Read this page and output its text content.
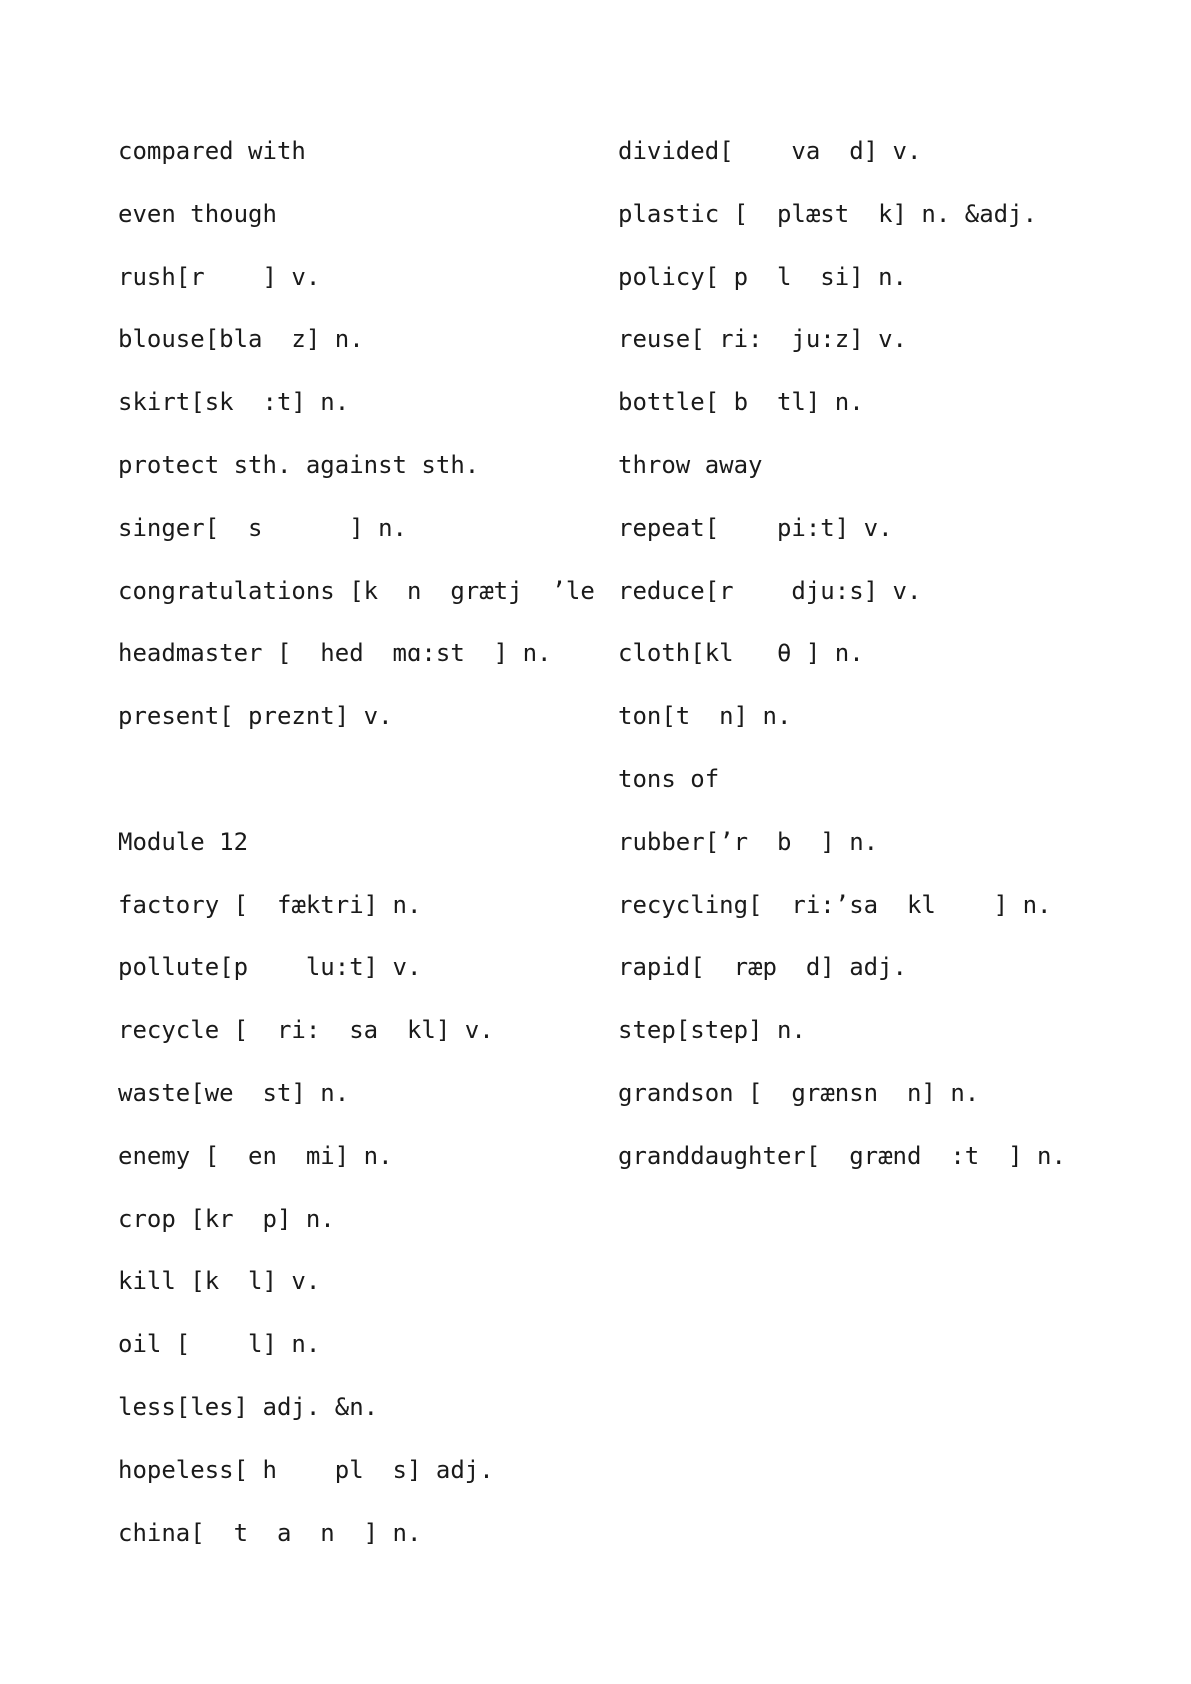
compared with
even though
rush[r    ] v.
blouse[bla  z] n.
skirt[sk  :t] n.
protect sth. against sth.
singer[  s      ] n.
congratulations [k  n  grætj  ’le
headmaster [  hed  mɑ:st  ] n.
present[ preznt] v.
Module 12
factory [  fæktri] n.
pollute[p    lu:t] v.
recycle [  ri:  sa  kl] v.
waste[we  st] n.
enemy [  en  mi] n.
crop [kr  p] n.
kill [k  l] v.
oil [    l] n.
less[les] adj. &n.
hopeless[ h    pl  s] adj.
china[  t  a  n  ] n.
divided[    va  d] v.
plastic [  plæst  k] n. &adj.
policy[ p  l  si] n.
reuse[ ri:  ju:z] v.
bottle[ b  tl] n.
throw away
repeat[    pi:t] v.
reduce[r    dju:s] v.
cloth[kl   θ ] n.
ton[t  n] n.
tons of
rubber[’r  b  ] n.
recycling[  ri:’sa  kl    ] n.
rapid[  ræp  d] adj.
step[step] n.
grandson [  grænsn  n] n.
granddaughter[  grænd  :t  ] n.
